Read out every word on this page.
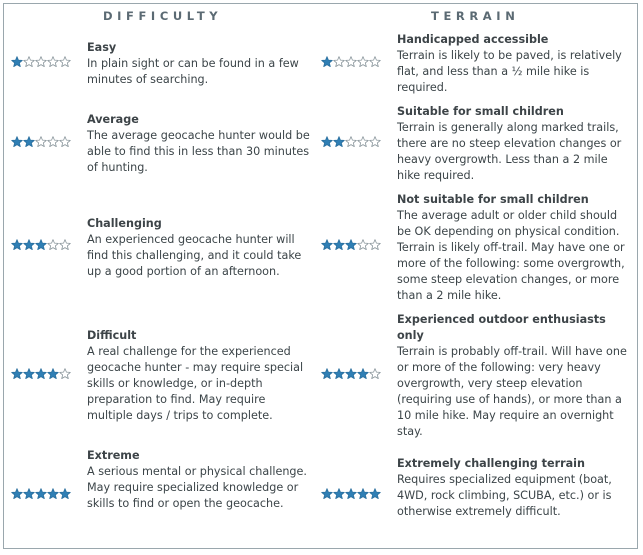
DIFFICULTY	TERRAIN
Easy
In plain sight or can be found in a few minutes of searching.
Average
The average geocache hunter would be able to find this in less than 30 minutes of hunting.
Challenging
An experienced geocache hunter will find this challenging, and it could take up a good portion of an afternoon.
Difficult
A real challenge for the experienced geocache hunter - may require special skills or knowledge, or in-depth preparation to find. May require multiple days / trips to complete.
Extreme
A serious mental or physical challenge. May require specialized knowledge or skills to find or open the geocache.
Handicapped accessible
Terrain is likely to be paved, is relatively flat, and less than a ½ mile hike is required.
Suitable for small children
Terrain is generally along marked trails, there are no steep elevation changes or heavy overgrowth. Less than a 2 mile hike required.
Not suitable for small children
The average adult or older child should be OK depending on physical condition. Terrain is likely off-trail. May have one or more of the following: some overgrowth, some steep elevation changes, or more than a 2 mile hike.
Experienced outdoor enthusiasts only
Terrain is probably off-trail. Will have one or more of the following: very heavy overgrowth, very steep elevation (requiring use of hands), or more than a 10 mile hike. May require an overnight stay.
Extremely challenging terrain
Requires specialized equipment (boat, 4WD, rock climbing, SCUBA, etc.) or is otherwise extremely difficult.
